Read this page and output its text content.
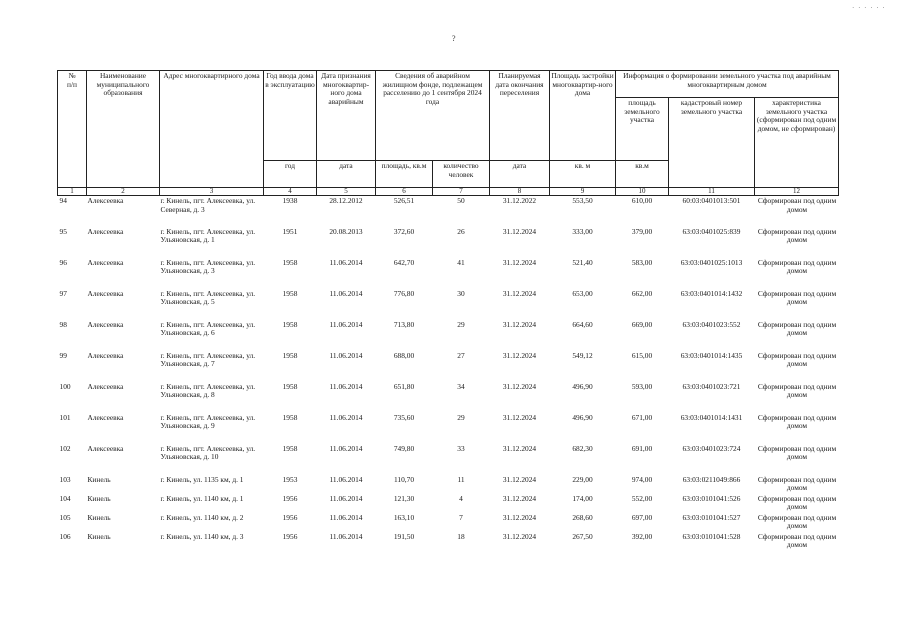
?
· · · · · ·
№
п/п	Наименование муниципального образования	Адрес многоквартирного дома	Год ввода дома в эксплуатацию	Дата признания многоквартир-ного дома аварийным	Сведения об аварийном жилищном фонде, подлежащем расселению до 1 сентября 2024 года		Планируемая дата окончания переселения	Площадь застройки многоквартир-ного дома	Информация о формировании земельного участка под аварийным многоквартирным домом		
									площадь земельного участка	кадастровый номер земельного участка	характеристика земельного участка (сформирован под одним домом, не сформирован)
			год	дата	площадь, кв.м	количество человек	дата	кв. м	кв.м		
1	2	3	4	5	6	7	8	9	10	11	12
94	Алексеевка	г. Кинель, пгт. Алексеевка, ул. Северная, д. 3	1938	28.12.2012	526,51	50	31.12.2022	553,50	610,00	60:03:0401013:501	Сформирован под одним домом
95	Алексеевка	г. Кинель, пгт. Алексеевка, ул. Ульяновская, д. 1	1951	20.08.2013	372,60	26	31.12.2024	333,00	379,00	63:03:0401025:839	Сформирован под одним домом
96	Алексеевка	г. Кинель, пгт. Алексеевка, ул. Ульяновская, д. 3	1958	11.06.2014	642,70	41	31.12.2024	521,40	583,00	63:03:0401025:1013	Сформирован под одним домом
97	Алексеевка	г. Кинель, пгт. Алексеевка, ул. Ульяновская, д. 5	1958	11.06.2014	776,80	30	31.12.2024	653,00	662,00	63:03:0401014:1432	Сформирован под одним домом
98	Алексеевка	г. Кинель, пгт. Алексеевка, ул. Ульяновская, д. 6	1958	11.06.2014	713,80	29	31.12.2024	664,60	669,00	63:03:0401023:552	Сформирован под одним домом
99	Алексеевка	г. Кинель, пгт. Алексеевка, ул. Ульяновская, д. 7	1958	11.06.2014	688,00	27	31.12.2024	549,12	615,00	63:03:0401014:1435	Сформирован под одним домом
100	Алексеевка	г. Кинель, пгт. Алексеевка, ул. Ульяновская, д. 8	1958	11.06.2014	651,80	34	31.12.2024	496,90	593,00	63:03:0401023:721	Сформирован под одним домом
101	Алексеевка	г. Кинель, пгт. Алексеевка, ул. Ульяновская, д. 9	1958	11.06.2014	735,60	29	31.12.2024	496,90	671,00	63:03:0401014:1431	Сформирован под одним домом
102	Алексеевка	г. Кинель, пгт. Алексеевка, ул. Ульяновская, д. 10	1958	11.06.2014	749,80	33	31.12.2024	682,30	691,00	63:03:0401023:724	Сформирован под одним домом
103	Кинель	г. Кинель, ул. 1135 км, д. 1	1953	11.06.2014	110,70	11	31.12.2024	229,00	974,00	63:03:0211049:866	Сформирован под одним домом
104	Кинель	г. Кинель, ул. 1140 км, д. 1	1956	11.06.2014	121,30	4	31.12.2024	174,00	552,00	63:03:0101041:526	Сформирован под одним домом
105	Кинель	г. Кинель, ул. 1140 км, д. 2	1956	11.06.2014	163,10	7	31.12.2024	268,60	697,00	63:03:0101041:527	Сформирован под одним домом
106	Кинель	г. Кинель, ул. 1140 км, д. 3	1956	11.06.2014	191,50	18	31.12.2024	267,50	392,00	63:03:0101041:528	Сформирован под одним домом
